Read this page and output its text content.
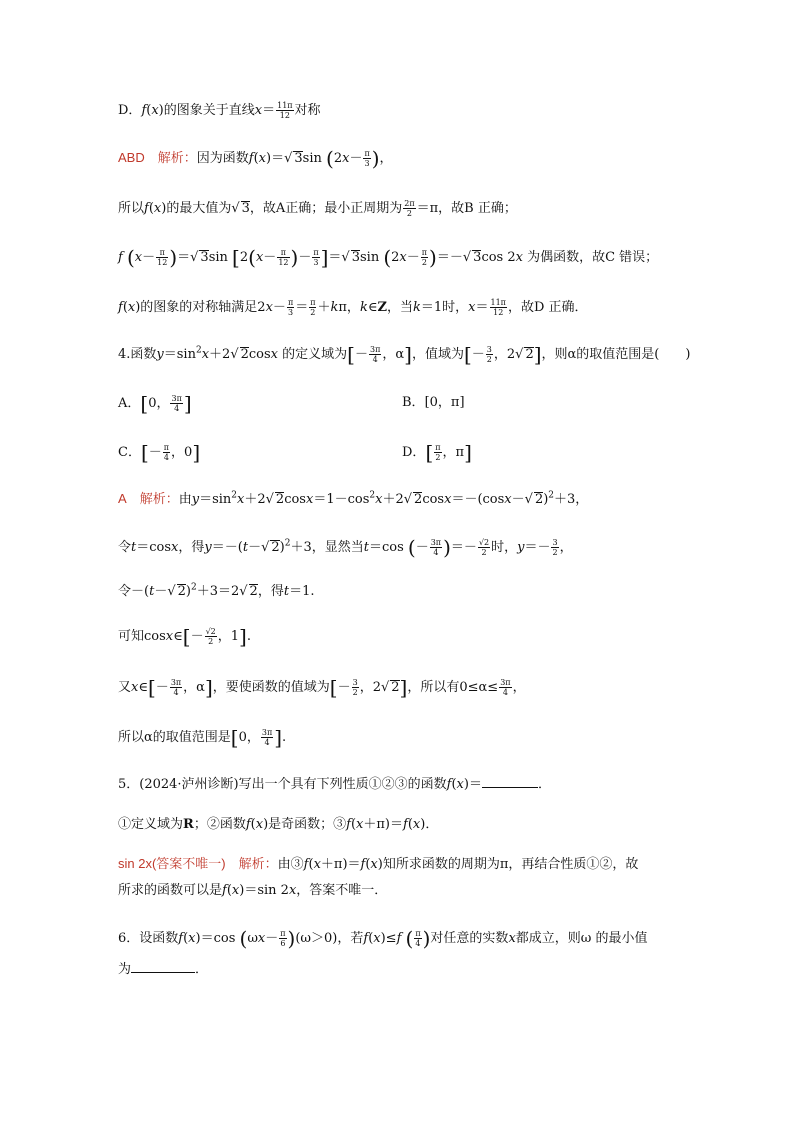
D．f(x)的图象关于直线$x= \frac{11\pi}{12}$ 对称
ABD　 解析：因为函数f(x)＝√ 3sin ($2x- \frac{\pi}{3}$ )，
所以f(x)的最大值为√ 3，故A正确；最小正周期为 $\frac{2\pi}{2} =\pi$，故B 正确；
f ($x- \frac{\pi}{12}$ )＝√ 3sin [$2(x- \frac{\pi}{12}$ )－ $\frac{\pi}{3}$ ]＝√ 3sin ($2x- \frac{\pi}{2}$ )＝－√ 3cos 2x 为偶函数，故C 错误；
f(x)的图象的对称轴满足$2x- \frac{\pi}{3} = \frac{\pi}{2} +k\pi$，k∈Z，当k＝1时，$x= \frac{11\pi}{12}$ ，故D 正确．
4.函数$y=\sin^2x+2√$ 2cosx 的定义域为[－ $\frac{3\pi}{4}$ ，α]，值域为[－ $\frac{3}{2}$ ，2√ 2]，则α的取值范围是(　　)
A．[0， $\frac{3\pi}{4}$ ]	B．[0，π]
C．[－ $\frac{\pi}{4}$ ，0]	D．[ $\frac{\pi}{2}$ ，π]
A　 解析：由$y=\sin^2x+2√$ $2\cos x=1-\cos^2x+2√$ 2cosx＝－(cosx－√ 2)$^2$＋3，
令t＝cosx，得y＝－(t－√ 2)$^2$＋3，显然当t＝cos (－ $\frac{3\pi}{4}$ )＝－ $\frac{√2}{2}$ 时，$y=- \frac{3}{2}$ ，
令－(t－√ 2)$^2$＋3＝2√ 2，得t＝1.
可知cosx∈[－ $\frac{√2}{2}$ ，1].
又x∈[－ $\frac{3\pi}{4}$ ，α]，要使函数的值域为[－ $\frac{3}{2}$ ，2√ 2]，所以有$0\le\alpha\le \frac{3\pi}{4}$ ，
所以α的取值范围是[0， $\frac{3\pi}{4}$ ].
5．(2024·泸州诊断)写出一个具有下列性质①②③的函数f(x)＝	．
①定义域为R；②函数f(x)是奇函数；③f(x＋π)＝f(x)．
sin 2x(答案不唯一)　 解析：由③f(x＋π)＝f(x)知所求函数的周期为π，再结合性质①②，故
所求的函数可以是f(x)＝sin 2x，答案不唯一．
6．设函数f(x)＝cos $(\omega x- \frac{\pi}{6} )(\omega>0)$，若f(x)≤f ( $\frac{\pi}{4}$ )对任意的实数x都成立，则ω 的最小值
为	．
